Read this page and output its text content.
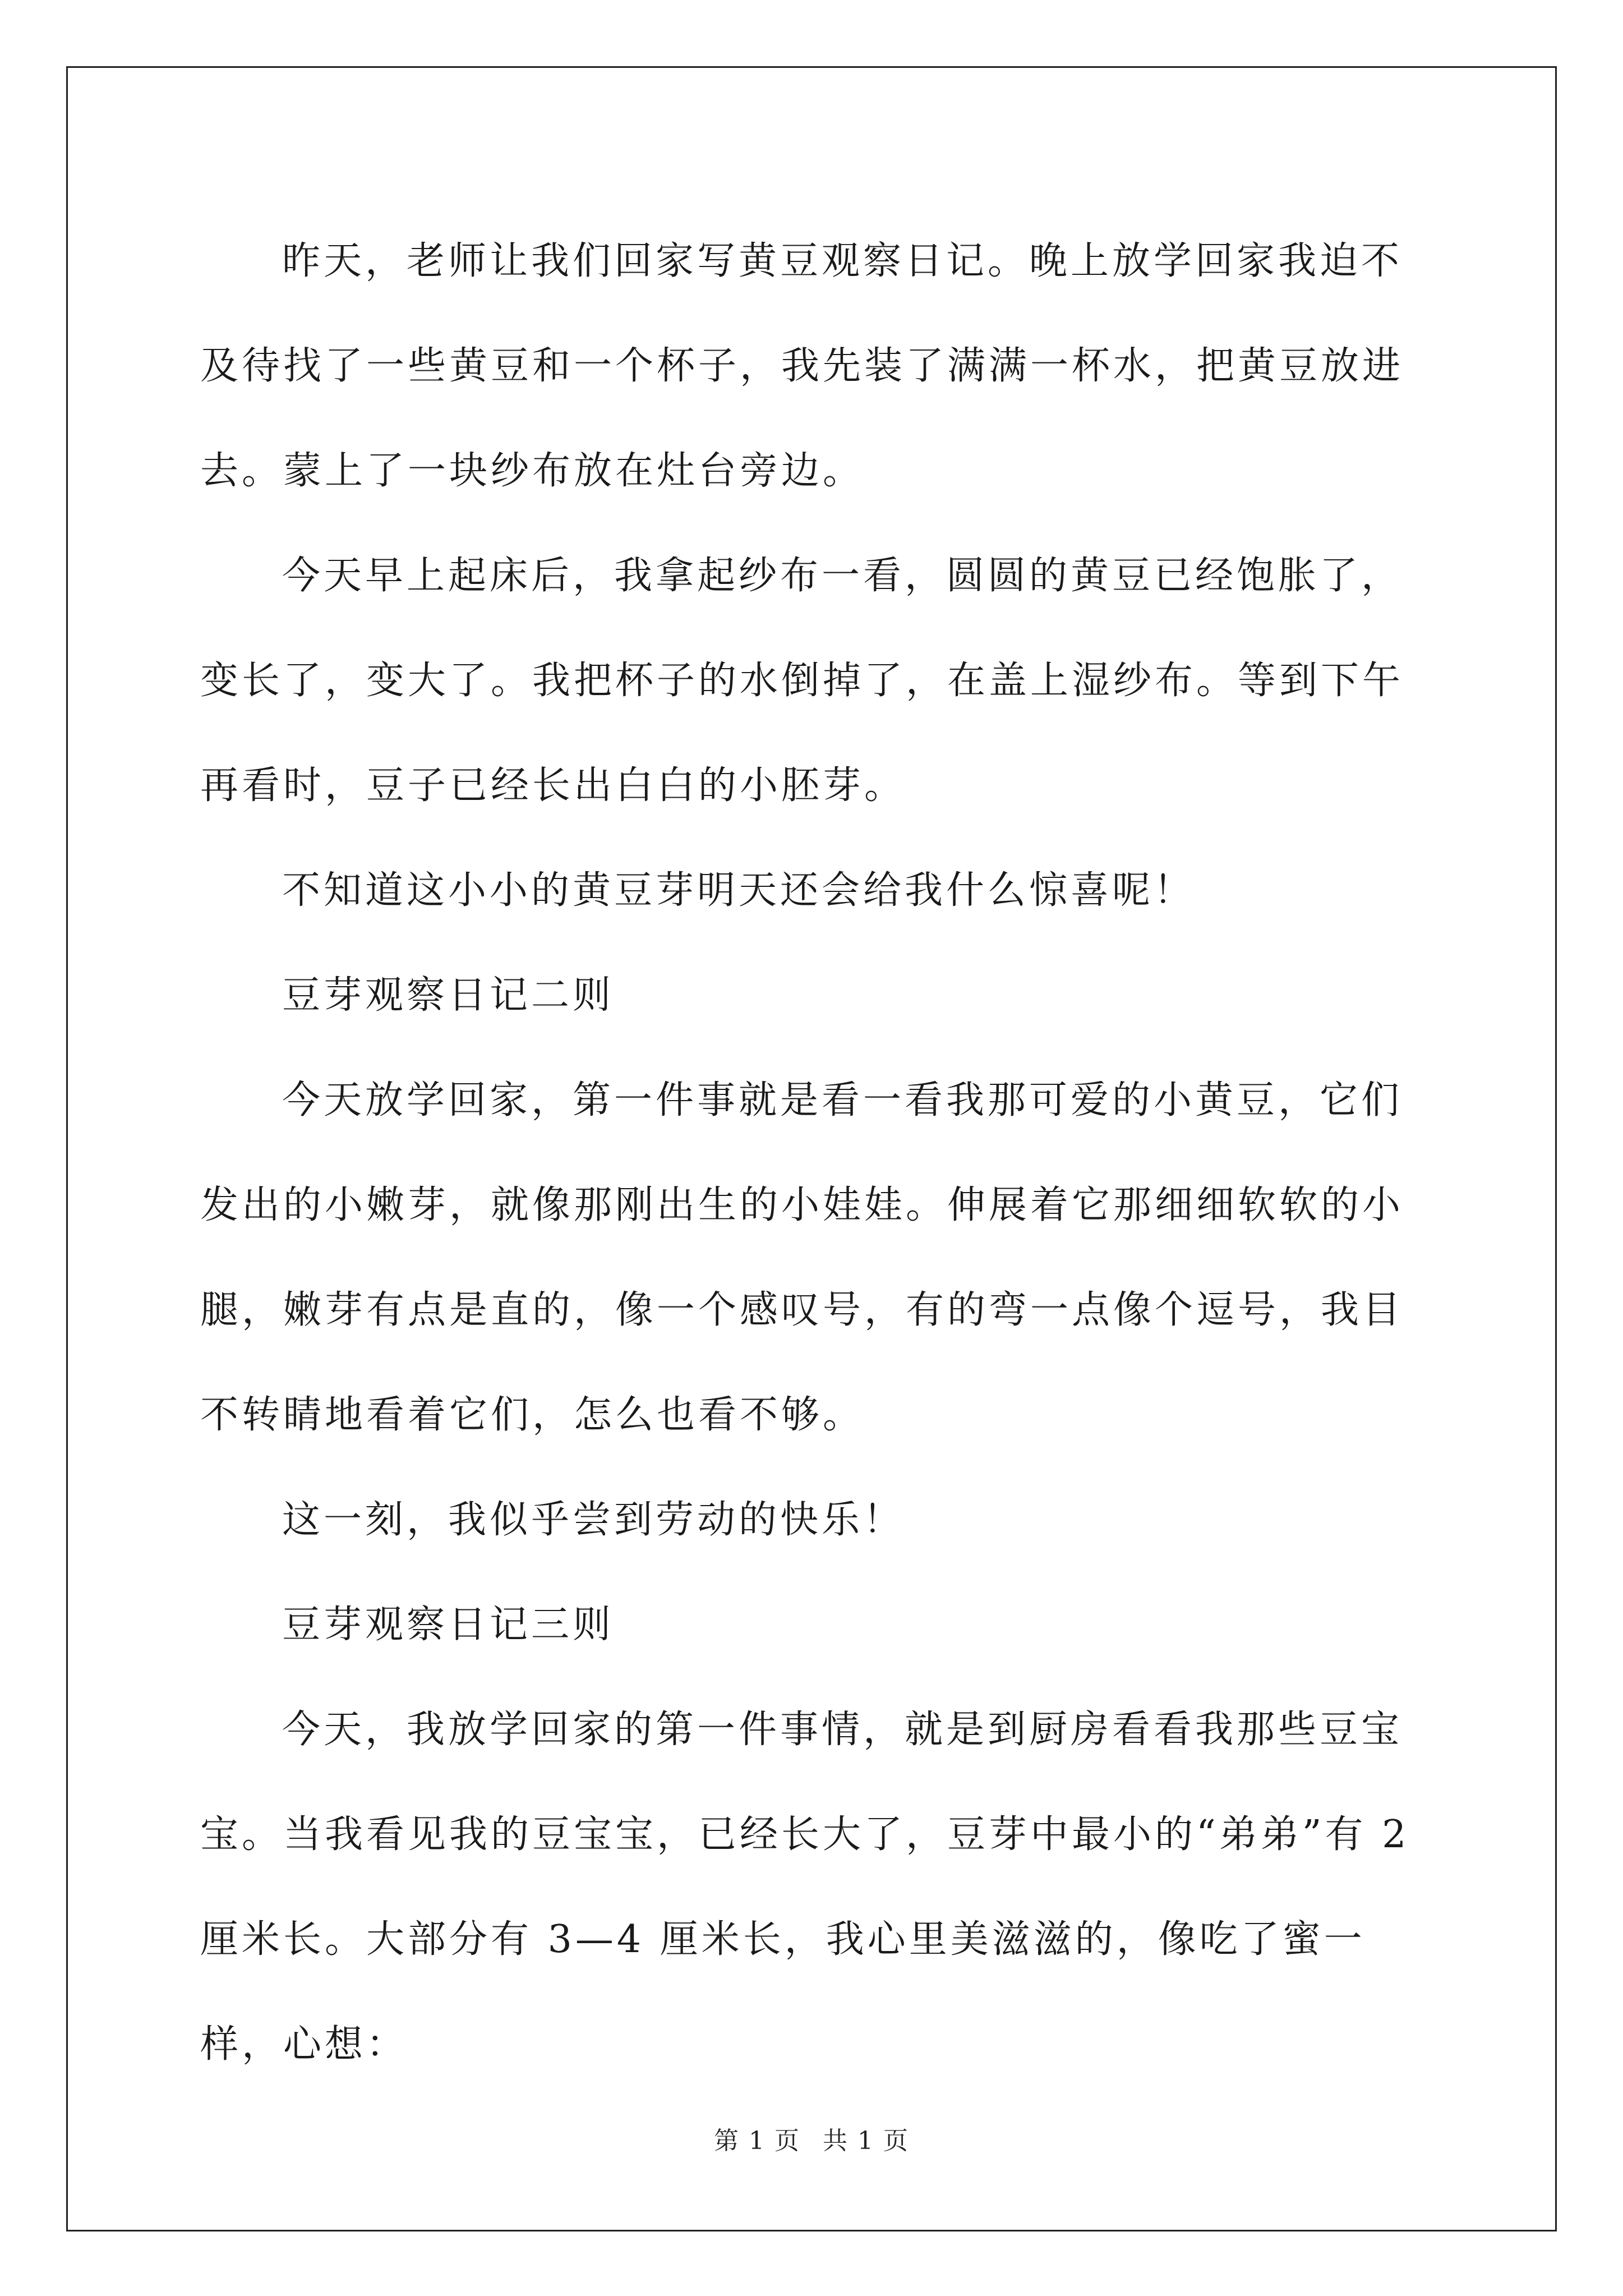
昨天，老师让我们回家写黄豆观察日记。晚上放学回家我迫不及待找了一些黄豆和一个杯子，我先装了满满一杯水，把黄豆放进去。蒙上了一块纱布放在灶台旁边。

今天早上起床后，我拿起纱布一看，圆圆的黄豆已经饱胀了，变长了，变大了。我把杯子的水倒掉了，在盖上湿纱布。等到下午再看时，豆子已经长出白白的小胚芽。

不知道这小小的黄豆芽明天还会给我什么惊喜呢！

豆芽观察日记二则

今天放学回家，第一件事就是看一看我那可爱的小黄豆，它们发出的小嫩芽，就像那刚出生的小娃娃。伸展着它那细细软软的小腿，嫩芽有点是直的，像一个感叹号，有的弯一点像个逗号，我目不转睛地看着它们，怎么也看不够。

这一刻，我似乎尝到劳动的快乐！

豆芽观察日记三则

今天，我放学回家的第一件事情，就是到厨房看看我那些豆宝宝。当我看见我的豆宝宝，已经长大了，豆芽中最小的“弟弟”有 2 厘米长。大部分有 3—4 厘米长，我心里美滋滋的，像吃了蜜一样，心想：

第 1 页 共 1 页
